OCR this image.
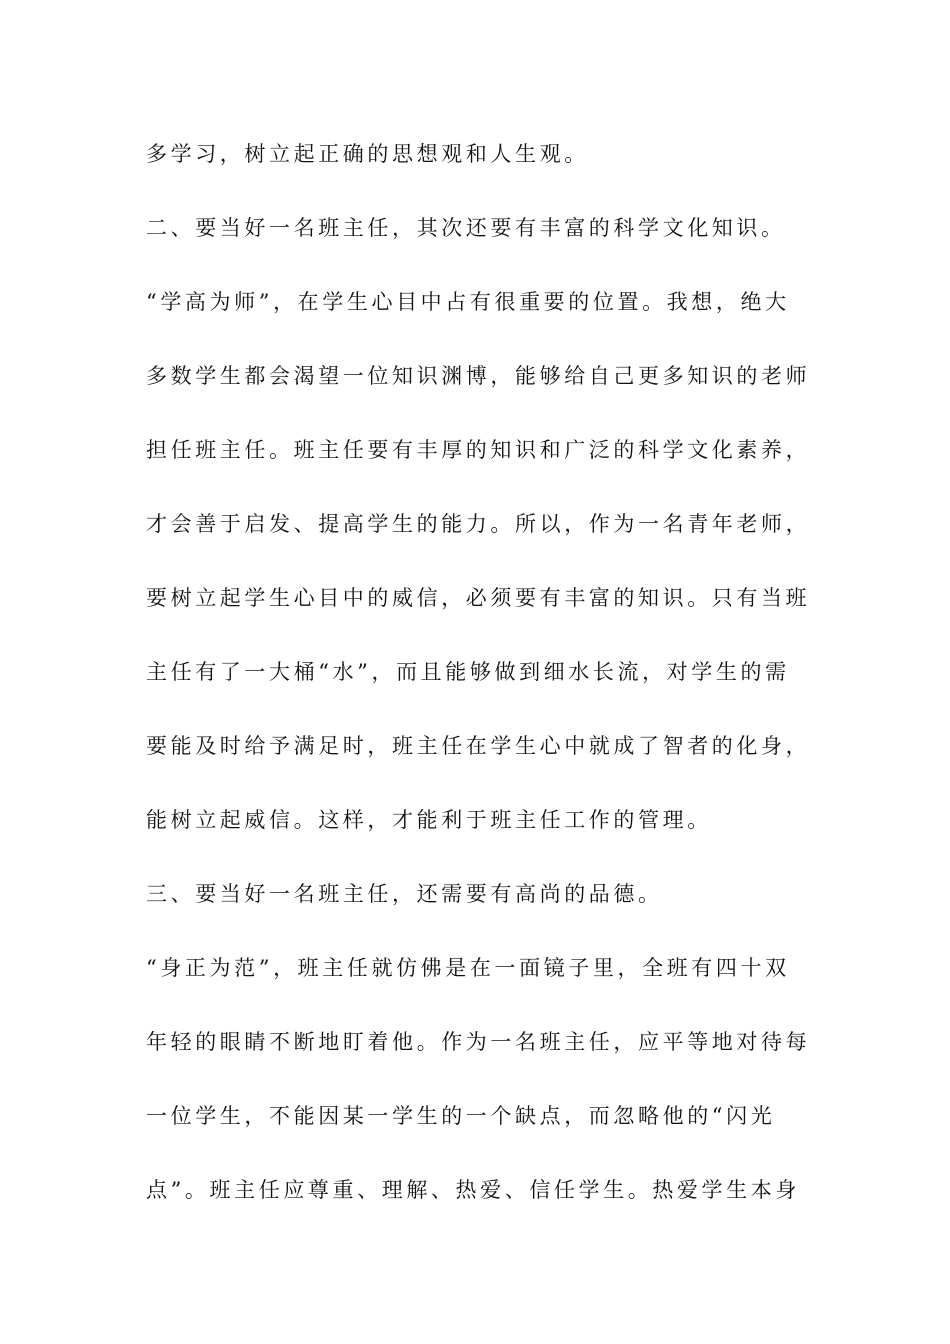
多学习，树立起正确的思想观和人生观。
二、要当好一名班主任，其次还要有丰富的科学文化知识。
“学高为师”，在学生心目中占有很重要的位置。我想，绝大
多数学生都会渴望一位知识渊博，能够给自己更多知识的老师
担任班主任。班主任要有丰厚的知识和广泛的科学文化素养，
才会善于启发、提高学生的能力。所以，作为一名青年老师，
要树立起学生心目中的威信，必须要有丰富的知识。只有当班
主任有了一大桶“水”，而且能够做到细水长流，对学生的需
要能及时给予满足时，班主任在学生心中就成了智者的化身，
能树立起威信。这样，才能利于班主任工作的管理。
三、要当好一名班主任，还需要有高尚的品德。
“身正为范”，班主任就仿佛是在一面镜子里，全班有四十双
年轻的眼睛不断地盯着他。作为一名班主任，应平等地对待每
一位学生，不能因某一学生的一个缺点，而忽略他的“闪光
点”。班主任应尊重、理解、热爱、信任学生。热爱学生本身
